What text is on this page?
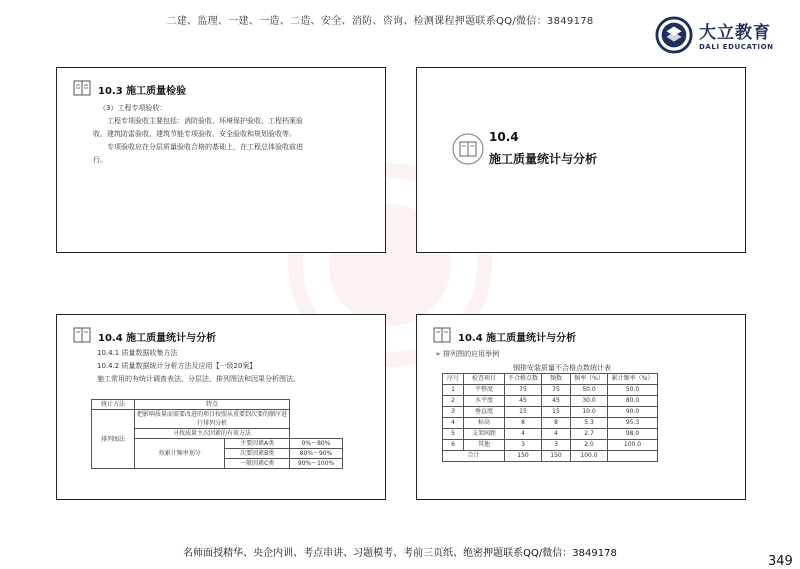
二建、监理、一建、一造、二造、安全、消防、咨询、检测课程押题联系QQ/微信：3849178
大立教育
DALI EDUCATION
10.3 施工质量检验

（3）工程专项验收：

工程专项验收主要包括：消防验收、环境保护验收、工程档案验收、建筑防雷验收、建筑节能专项验收、安全验收和规划验收等。

专项验收应在分层质量验收合格的基础上，在工程总体验收前进行。

10.4
施工质量统计与分析
10.4 施工质量统计与分析

10.4.1 质量数据收集方法

10.4.2 质量数据统计分析方法及应用【一级20案】

施工常用的有统计调查表法、分层法、排列图法和因果分析图法。

统计方法	特点		
排列图法	把影响质量而需要改进的项目按照从重要到次要的顺序进行排列分析		
	寻找质量主次因素的有效方法		
	按累计频率划分	主要因素A类	0%～80%
		次要因素B类	80%～90%
		一般因素C类	90%～100%
10.4 施工质量统计与分析
➢ 排列图的应用举例
钢排安装质量不合格点数统计表
序号	检查项目	不合格点数	频数	频率（%）	累计频率（%）
1	平整度	75	75	50.0	50.0
2	水平度	45	45	30.0	80.0
3	垂直度	15	15	10.0	90.0
4	标高	8	8	5.3	95.3
5	支架间距	4	4	2.7	98.0
6	其他	3	3	2.0	100.0
合计		150	150	100.0	
名师面授精华、央企内训、考点串讲、习题模考、考前三页纸、绝密押题联系QQ/微信：3849178
349
